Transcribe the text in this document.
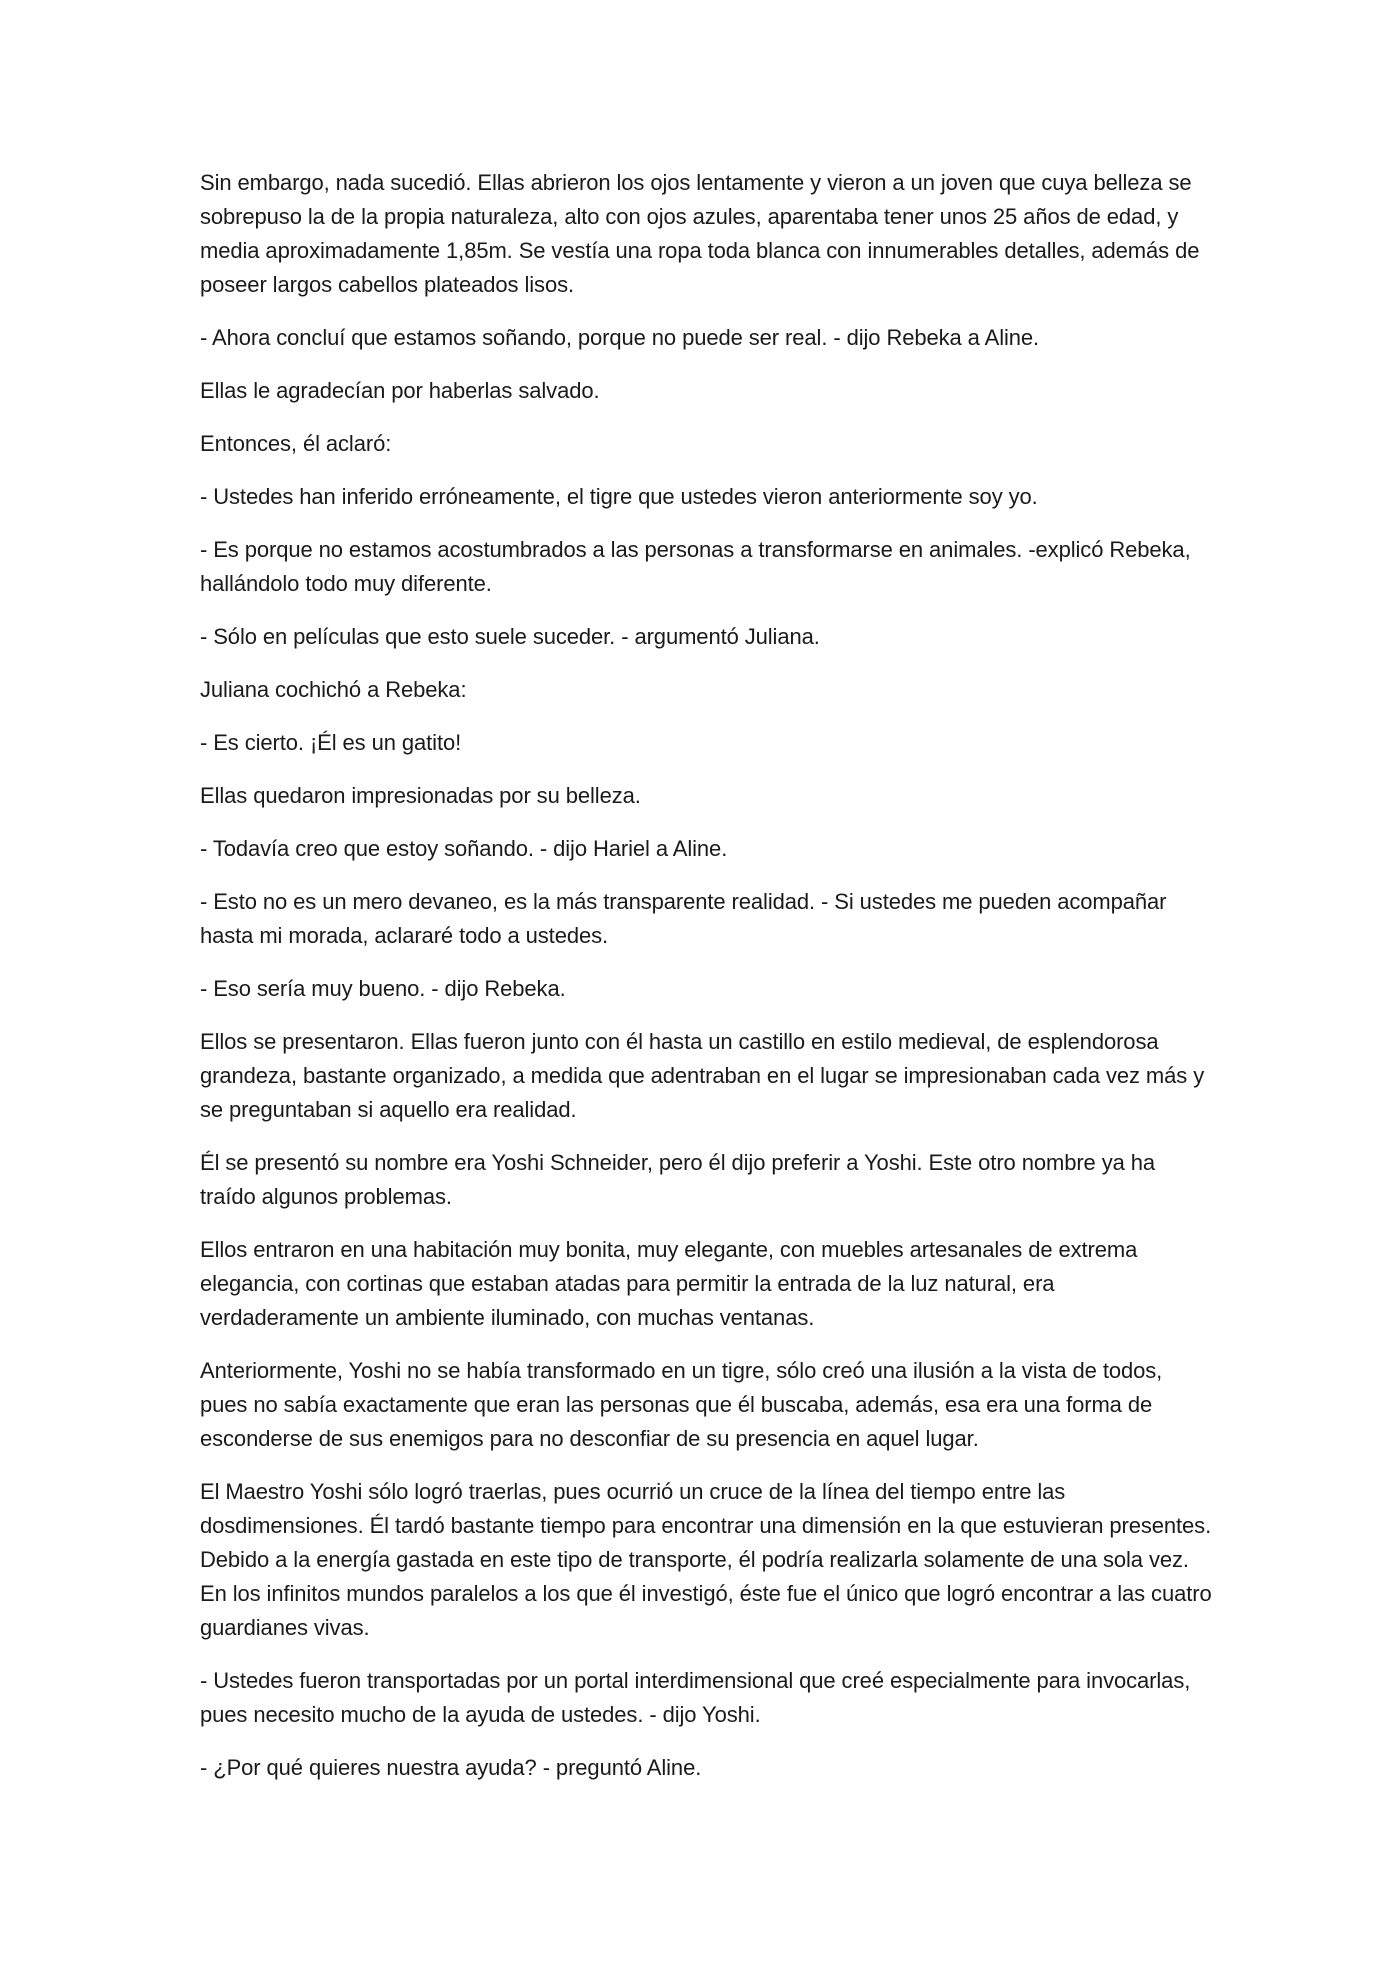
Sin embargo, nada sucedió. Ellas abrieron los ojos lentamente y vieron a un joven que cuya belleza se sobrepuso la de la propia naturaleza, alto con ojos azules, aparentaba tener unos 25 años de edad, y media aproximadamente 1,85m. Se vestía una ropa toda blanca con innumerables detalles, además de poseer largos cabellos plateados lisos.

- Ahora concluí que estamos soñando, porque no puede ser real. - dijo Rebeka a Aline.

Ellas le agradecían por haberlas salvado.

Entonces, él aclaró:

- Ustedes han inferido erróneamente, el tigre que ustedes vieron anteriormente soy yo.

- Es porque no estamos acostumbrados a las personas a transformarse en animales. -explicó Rebeka, hallándolo todo muy diferente.

- Sólo en películas que esto suele suceder. - argumentó Juliana.

Juliana cochichó a Rebeka:

- Es cierto. ¡Él es un gatito!

Ellas quedaron impresionadas por su belleza.

- Todavía creo que estoy soñando. - dijo Hariel a Aline.

- Esto no es un mero devaneo, es la más transparente realidad. - Si ustedes me pueden acompañar hasta mi morada, aclararé todo a ustedes.

- Eso sería muy bueno. - dijo Rebeka.

Ellos se presentaron. Ellas fueron junto con él hasta un castillo en estilo medieval, de esplendorosa grandeza, bastante organizado, a medida que adentraban en el lugar se impresionaban cada vez más y se preguntaban si aquello era realidad.

Él se presentó su nombre era Yoshi Schneider, pero él dijo preferir a Yoshi. Este otro nombre ya ha traído algunos problemas.

Ellos entraron en una habitación muy bonita, muy elegante, con muebles artesanales de extrema elegancia, con cortinas que estaban atadas para permitir la entrada de la luz natural, era verdaderamente un ambiente iluminado, con muchas ventanas.

Anteriormente, Yoshi no se había transformado en un tigre, sólo creó una ilusión a la vista de todos, pues no sabía exactamente que eran las personas que él buscaba, además, esa era una forma de esconderse de sus enemigos para no desconfiar de su presencia en aquel lugar.

El Maestro Yoshi sólo logró traerlas, pues ocurrió un cruce de la línea del tiempo entre las dosdimensiones. Él tardó bastante tiempo para encontrar una dimensión en la que estuvieran presentes. Debido a la energía gastada en este tipo de transporte, él podría realizarla solamente de una sola vez. En los infinitos mundos paralelos a los que él investigó, éste fue el único que logró encontrar a las cuatro guardianes vivas.

- Ustedes fueron transportadas por un portal interdimensional que creé especialmente para invocarlas, pues necesito mucho de la ayuda de ustedes. - dijo Yoshi.

- ¿Por qué quieres nuestra ayuda? - preguntó Aline.
